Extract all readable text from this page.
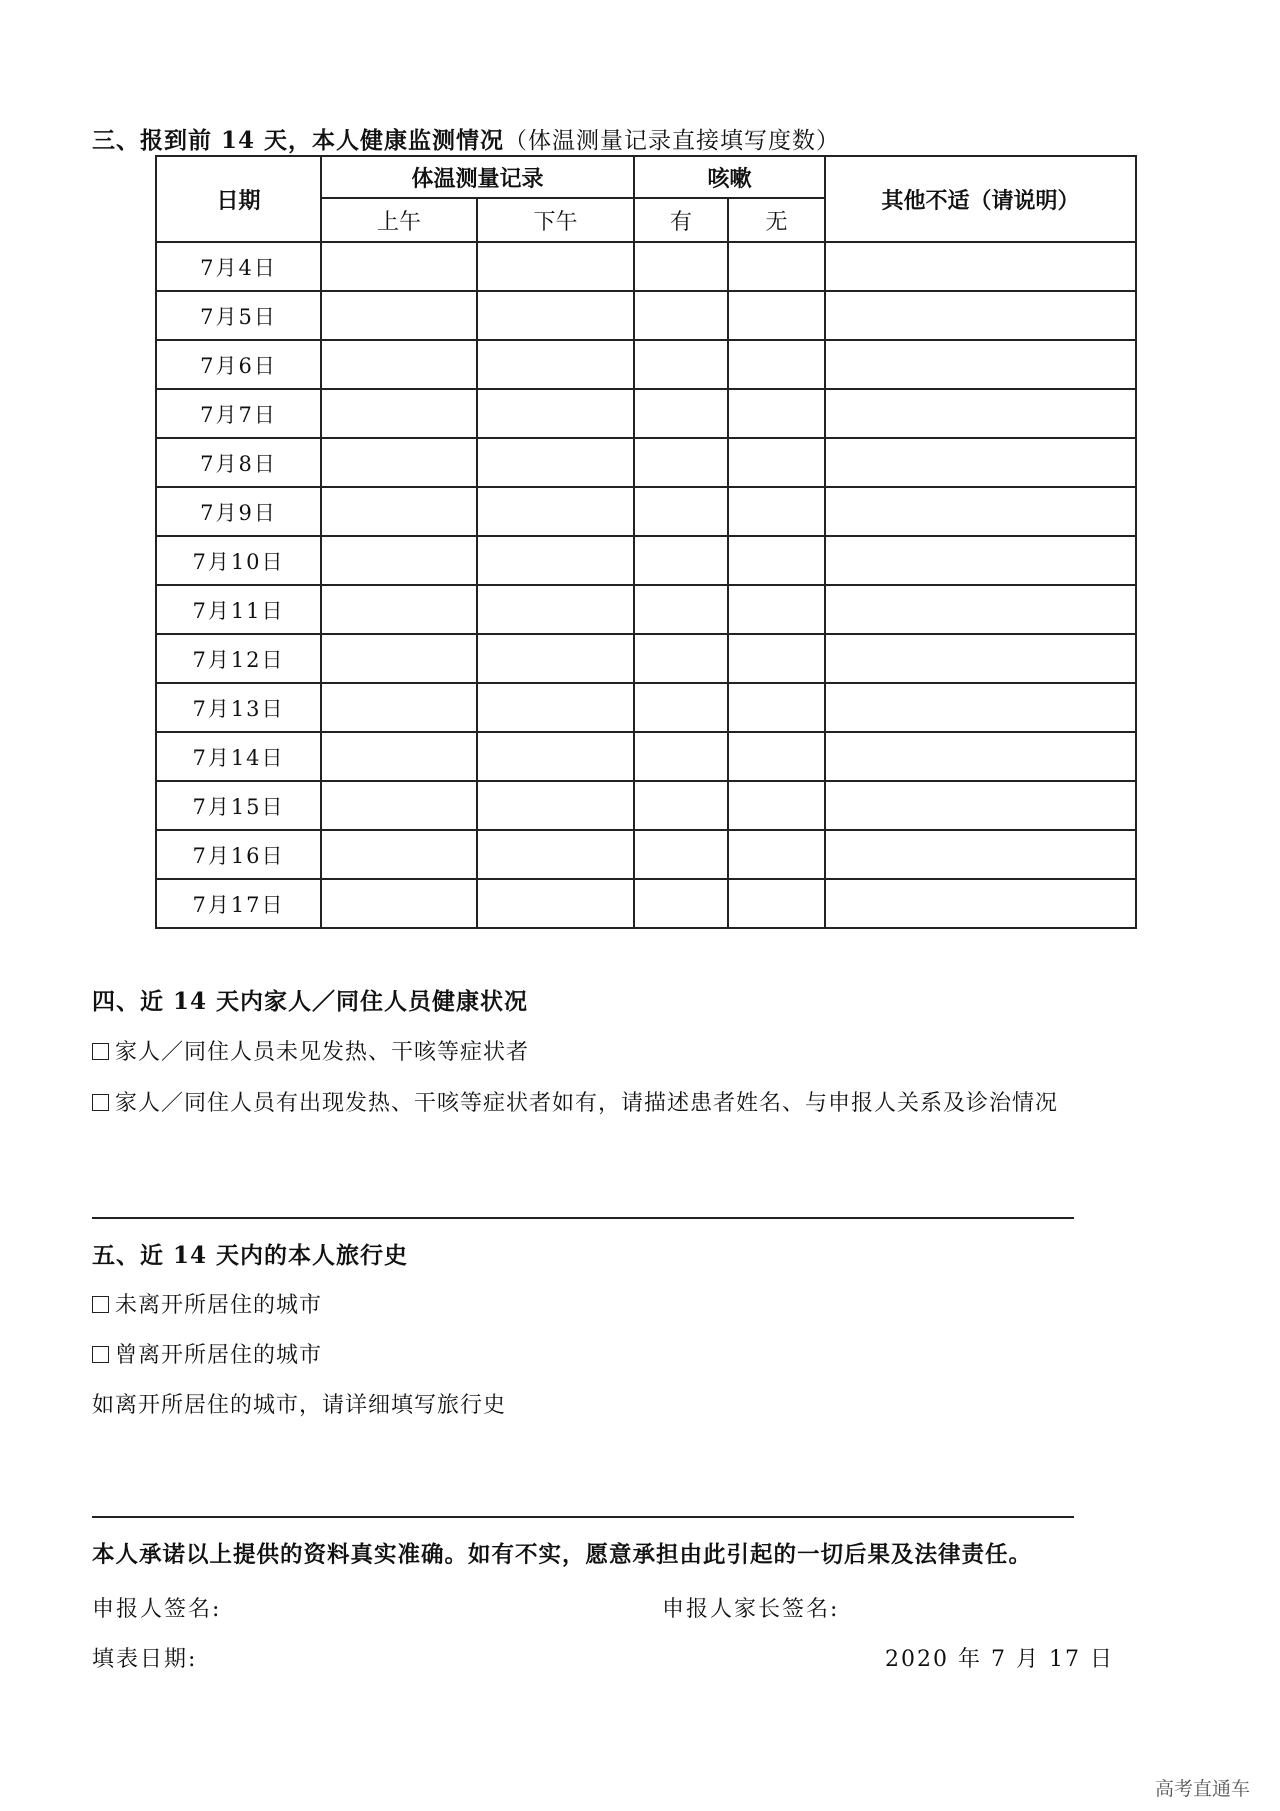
三、报到前 14 天，本人健康监测情况（体温测量记录直接填写度数）
日期	体温测量记录		咳嗽		其他不适（请说明）
	上午	下午	有	无	
7月4日					
7月5日					
7月6日					
7月7日					
7月8日					
7月9日					
7月10日					
7月11日					
7月12日					
7月13日					
7月14日					
7月15日					
7月16日					
7月17日					
四、近 14 天内家人／同住人员健康状况
家人／同住人员未见发热、干咳等症状者
家人／同住人员有出现发热、干咳等症状者如有，请描述患者姓名、与申报人关系及诊治情况
五、近 14 天内的本人旅行史
未离开所居住的城市
曾离开所居住的城市
如离开所居住的城市，请详细填写旅行史
本人承诺以上提供的资料真实准确。如有不实，愿意承担由此引起的一切后果及法律责任。
申报人签名:	申报人家长签名:
填表日期:	2020 年 7 月 17 日
高考直通车
